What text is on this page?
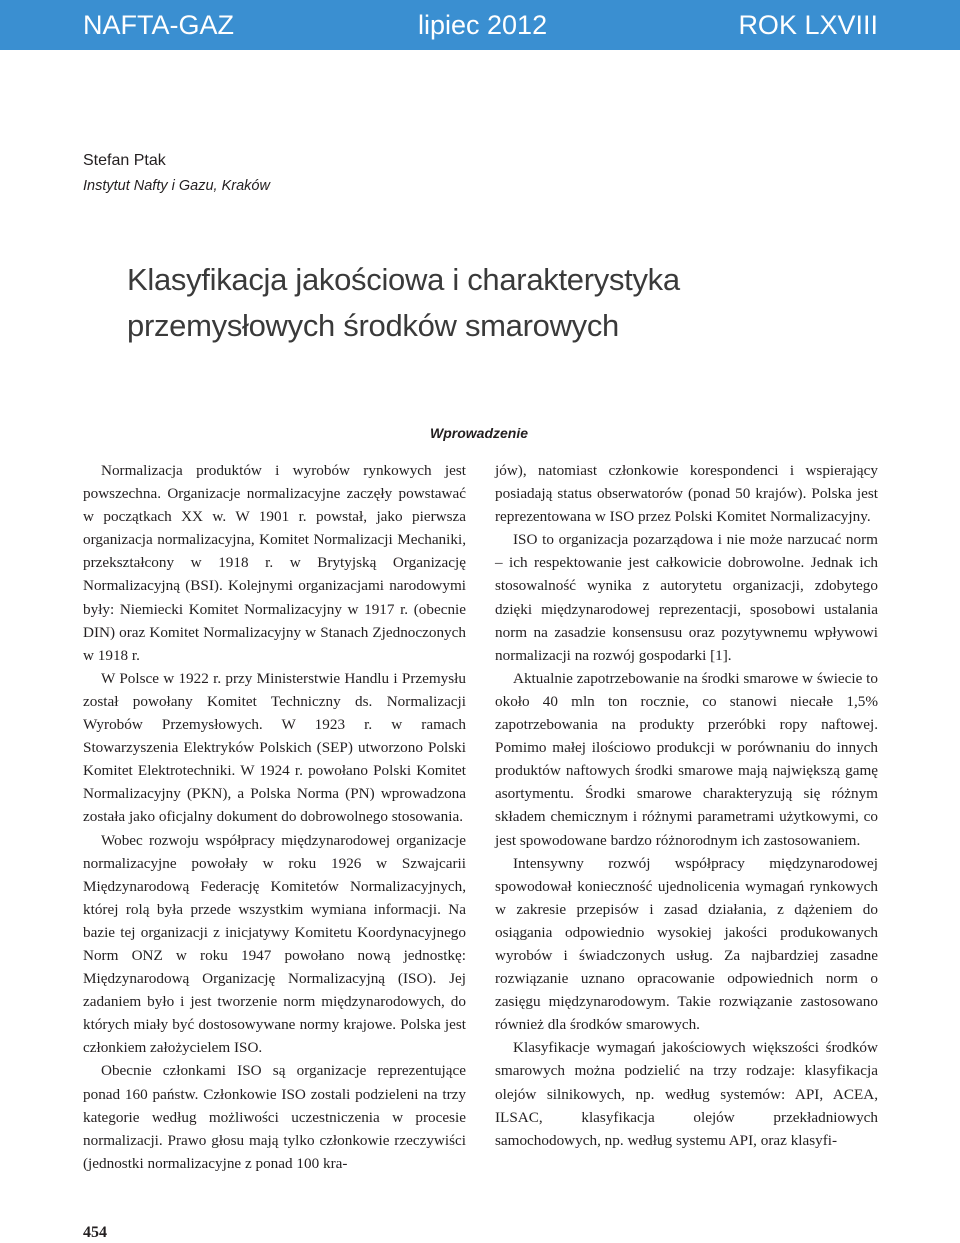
NAFTA-GAZ	lipiec 2012	ROK LXVIII
Stefan Ptak
Instytut Nafty i Gazu, Kraków
Klasyfikacja jakościowa i charakterystyka
przemysłowych środków smarowych
Wprowadzenie

Normalizacja produktów i wyrobów rynkowych jest powszechna. Organizacje normalizacyjne zaczęły powstawać w początkach XX w. W 1901 r. powstał, jako pierwsza organizacja normalizacyjna, Komitet Normalizacji Mechaniki, przekształcony w 1918 r. w Brytyjską Organizację Normalizacyjną (BSI). Kolejnymi organizacjami narodowymi były: Niemiecki Komitet Normalizacyjny w 1917 r. (obecnie DIN) oraz Komitet Normalizacyjny w Stanach Zjednoczonych w 1918 r.

W Polsce w 1922 r. przy Ministerstwie Handlu i Przemysłu został powołany Komitet Techniczny ds. Normalizacji Wyrobów Przemysłowych. W 1923 r. w ramach Stowarzyszenia Elektryków Polskich (SEP) utworzono Polski Komitet Elektrotechniki. W 1924 r. powołano Polski Komitet Normalizacyjny (PKN), a Polska Norma (PN) wprowadzona została jako oficjalny dokument do dobrowolnego stosowania.

Wobec rozwoju współpracy międzynarodowej organizacje normalizacyjne powołały w roku 1926 w Szwajcarii Międzynarodową Federację Komitetów Normalizacyjnych, której rolą była przede wszystkim wymiana informacji. Na bazie tej organizacji z inicjatywy Komitetu Koordynacyjnego Norm ONZ w roku 1947 powołano nową jednostkę: Międzynarodową Organizację Normalizacyjną (ISO). Jej zadaniem było i jest tworzenie norm międzynarodowych, do których miały być dostosowywane normy krajowe. Polska jest członkiem założycielem ISO.

Obecnie członkami ISO są organizacje reprezentujące ponad 160 państw. Członkowie ISO zostali podzieleni na trzy kategorie według możliwości uczestniczenia w procesie normalizacji. Prawo głosu mają tylko członkowie rzeczywiści (jednostki normalizacyjne z ponad 100 kra-

jów), natomiast członkowie korespondenci i wspierający posiadają status obserwatorów (ponad 50 krajów). Polska jest reprezentowana w ISO przez Polski Komitet Normalizacyjny.

ISO to organizacja pozarządowa i nie może narzucać norm – ich respektowanie jest całkowicie dobrowolne. Jednak ich stosowalność wynika z autorytetu organizacji, zdobytego dzięki międzynarodowej reprezentacji, sposobowi ustalania norm na zasadzie konsensusu oraz pozytywnemu wpływowi normalizacji na rozwój gospodarki [1].

Aktualnie zapotrzebowanie na środki smarowe w świecie to około 40 mln ton rocznie, co stanowi niecałe 1,5% zapotrzebowania na produkty przeróbki ropy naftowej. Pomimo małej ilościowo produkcji w porównaniu do innych produktów naftowych środki smarowe mają największą gamę asortymentu. Środki smarowe charakteryzują się różnym składem chemicznym i różnymi parametrami użytkowymi, co jest spowodowane bardzo różnorodnym ich zastosowaniem.

Intensywny rozwój współpracy międzynarodowej spowodował konieczność ujednolicenia wymagań rynkowych w zakresie przepisów i zasad działania, z dążeniem do osiągania odpowiednio wysokiej jakości produkowanych wyrobów i świadczonych usług. Za najbardziej zasadne rozwiązanie uznano opracowanie odpowiednich norm o zasięgu międzynarodowym. Takie rozwiązanie zastosowano również dla środków smarowych.

Klasyfikacje wymagań jakościowych większości środków smarowych można podzielić na trzy rodzaje: klasyfikacja olejów silnikowych, np. według systemów: API, ACEA, ILSAC, klasyfikacja olejów przekładniowych samochodowych, np. według systemu API, oraz klasyfi-

454
